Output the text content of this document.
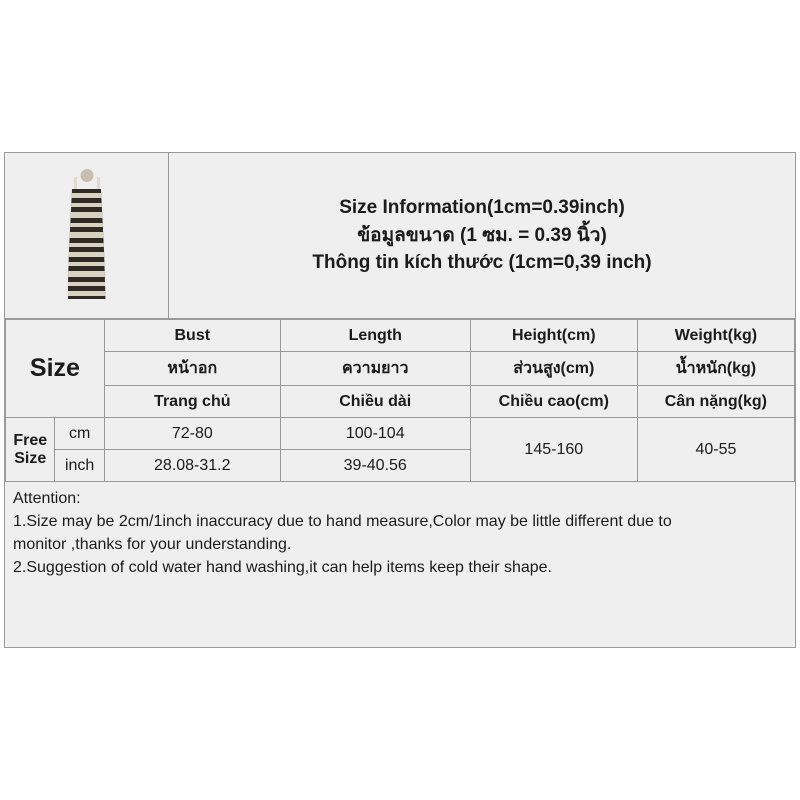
Size Information(1cm=0.39inch)
ข้อมูลขนาด (1 ซม. = 0.39 นิ้ว)
Thông tin kích thước (1cm=0,39 inch)
Size		Bust	Length	Height(cm)	Weight(kg)
		หน้าอก	ความยาว	ส่วนสูง(cm)	น้ำหนัก(kg)
		Trang chủ	Chiều dài	Chiều cao(cm)	Cân nặng(kg)
Free Size	cm	72-80	100-104	145-160	40-55
	inch	28.08-31.2	39-40.56		

Attention:

1.Size may be 2cm/1inch inaccuracy due to hand measure,Color may be little different due to

monitor ,thanks for your understanding.

2.Suggestion of cold water hand washing,it can help items keep their shape.
